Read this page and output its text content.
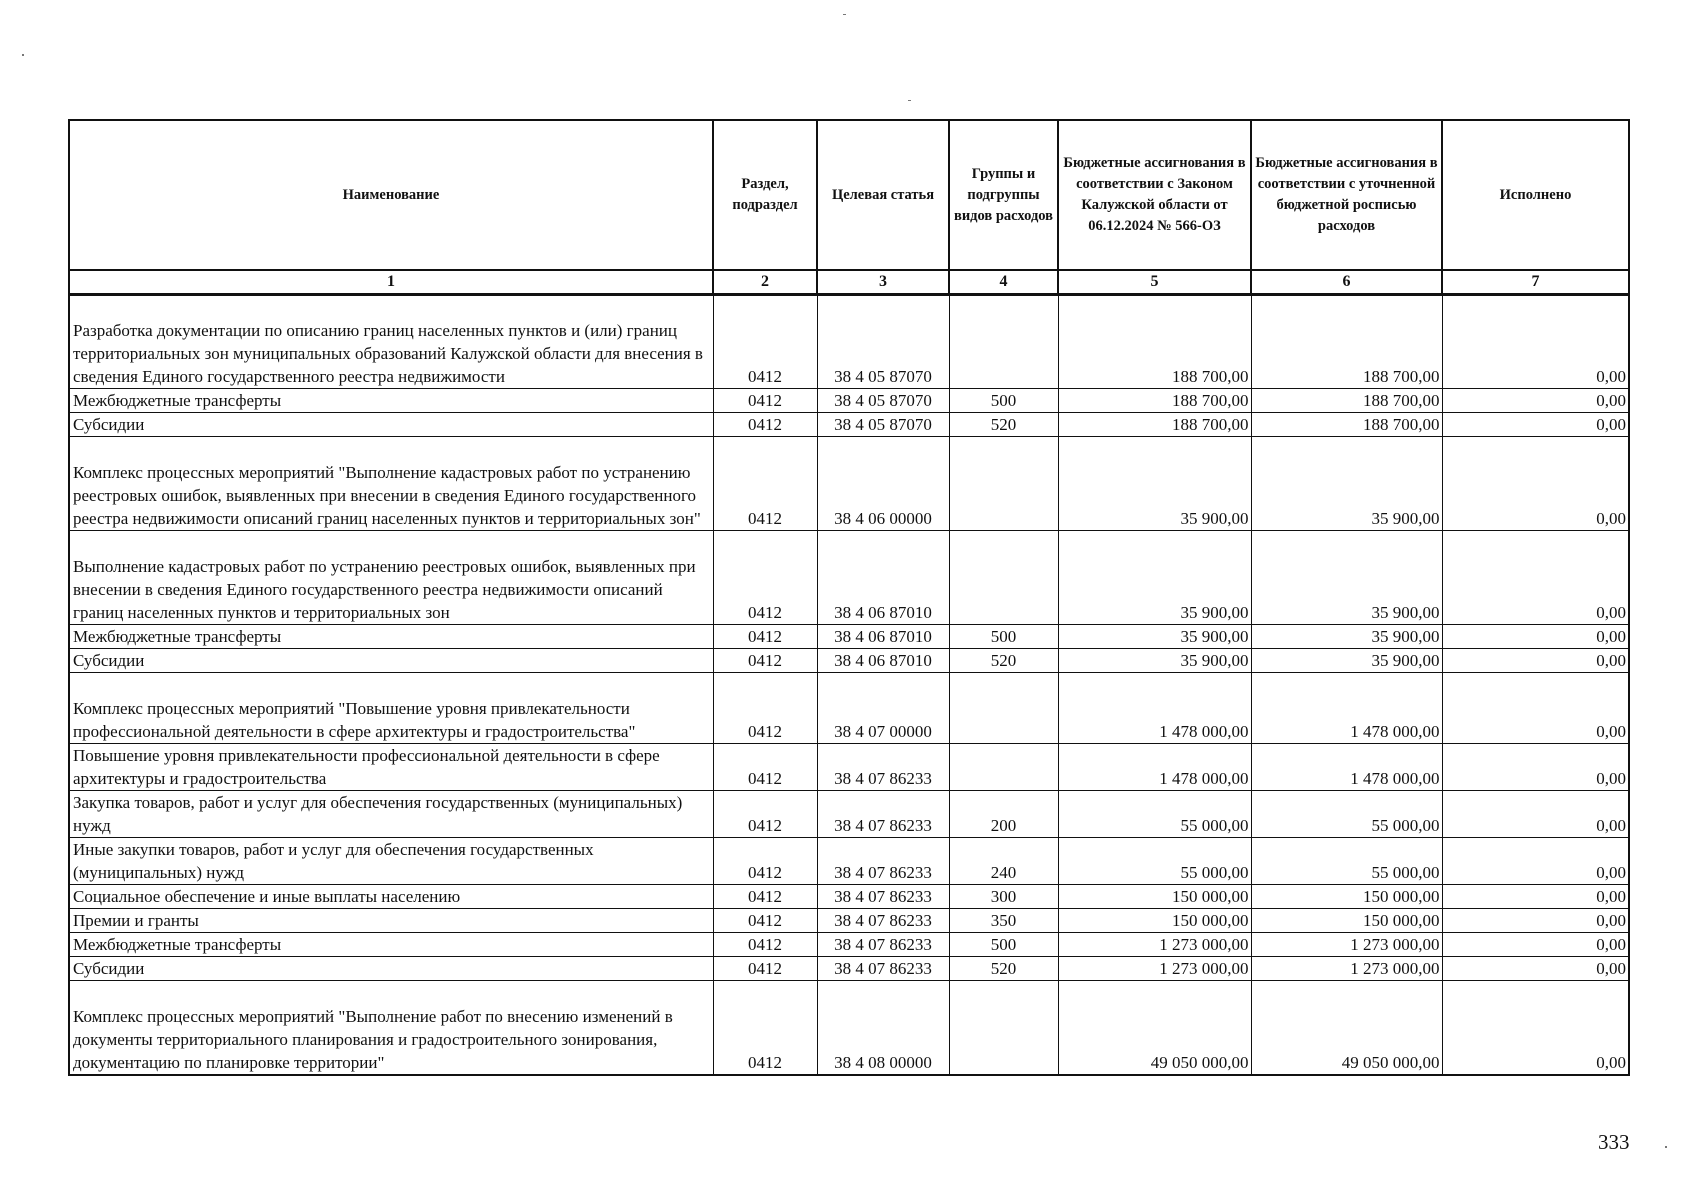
Наименование	Раздел, подраздел	Целевая статья	Группы и подгруппы видов расходов	Бюджетные ассигнования в соответствии с Законом Калужской области от 06.12.2024 № 566-ОЗ	Бюджетные ассигнования в соответствии с уточненной бюджетной росписью расходов	Исполнено
1	2	3	4	5	6	7
Разработка документации по описанию границ населенных пунктов и (или) границ территориальных зон муниципальных образований Калужской области для внесения в сведения Единого государственного реестра недвижимости	0412	38 4 05 87070		188 700,00	188 700,00	0,00
Межбюджетные трансферты	0412	38 4 05 87070	500	188 700,00	188 700,00	0,00
Субсидии	0412	38 4 05 87070	520	188 700,00	188 700,00	0,00
Комплекс процессных мероприятий "Выполнение кадастровых работ по устранению реестровых ошибок, выявленных при внесении в сведения Единого государственного реестра недвижимости описаний границ населенных пунктов и территориальных зон"	0412	38 4 06 00000		35 900,00	35 900,00	0,00
Выполнение кадастровых работ по устранению реестровых ошибок, выявленных при внесении в сведения Единого государственного реестра недвижимости описаний границ населенных пунктов и территориальных зон	0412	38 4 06 87010		35 900,00	35 900,00	0,00
Межбюджетные трансферты	0412	38 4 06 87010	500	35 900,00	35 900,00	0,00
Субсидии	0412	38 4 06 87010	520	35 900,00	35 900,00	0,00
Комплекс процессных мероприятий "Повышение уровня привлекательности профессиональной деятельности в сфере архитектуры и градостроительства"	0412	38 4 07 00000		1 478 000,00	1 478 000,00	0,00
Повышение уровня привлекательности профессиональной деятельности в сфере архитектуры и градостроительства	0412	38 4 07 86233		1 478 000,00	1 478 000,00	0,00
Закупка товаров, работ и услуг для обеспечения государственных (муниципальных) нужд	0412	38 4 07 86233	200	55 000,00	55 000,00	0,00
Иные закупки товаров, работ и услуг для обеспечения государственных (муниципальных) нужд	0412	38 4 07 86233	240	55 000,00	55 000,00	0,00
Социальное обеспечение и иные выплаты населению	0412	38 4 07 86233	300	150 000,00	150 000,00	0,00
Премии и гранты	0412	38 4 07 86233	350	150 000,00	150 000,00	0,00
Межбюджетные трансферты	0412	38 4 07 86233	500	1 273 000,00	1 273 000,00	0,00
Субсидии	0412	38 4 07 86233	520	1 273 000,00	1 273 000,00	0,00
Комплекс процессных мероприятий "Выполнение работ по внесению изменений в документы территориального планирования и градостроительного зонирования, документацию по планировке территории"	0412	38 4 08 00000		49 050 000,00	49 050 000,00	0,00
333
